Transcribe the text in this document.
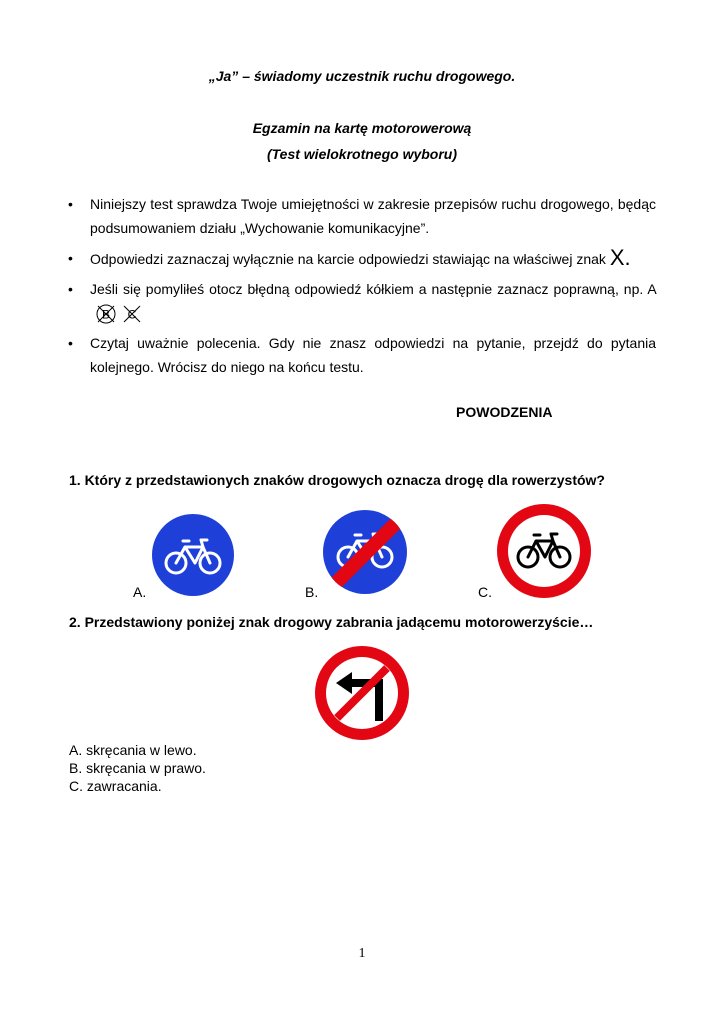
„Ja” – świadomy uczestnik ruchu drogowego.
Egzamin na kartę motorowerową
(Test wielokrotnego wyboru)
• Niniejszy test sprawdza Twoje umiejętności w zakresie przepisów ruchu drogowego, będąc podsumowaniem działu „Wychowanie komunikacyjne”.
• Odpowiedzi zaznaczaj wyłącznie na karcie odpowiedzi stawiając na właściwej znak X.
• Jeśli się pomyliłeś otocz błędną odpowiedź kółkiem a następnie zaznacz poprawną, np. A
B
C
• Czytaj uważnie polecenia. Gdy nie znasz odpowiedzi na pytanie, przejdź do pytania kolejnego. Wrócisz do niego na końcu testu.
POWODZENIA
1. Który z przedstawionych znaków drogowych oznacza drogę dla rowerzystów?
A.	B.	C.
2. Przedstawiony poniżej znak drogowy zabrania jadącemu motorowerzyście…
A. skręcania w lewo.
B. skręcania w prawo.
C. zawracania.
1
